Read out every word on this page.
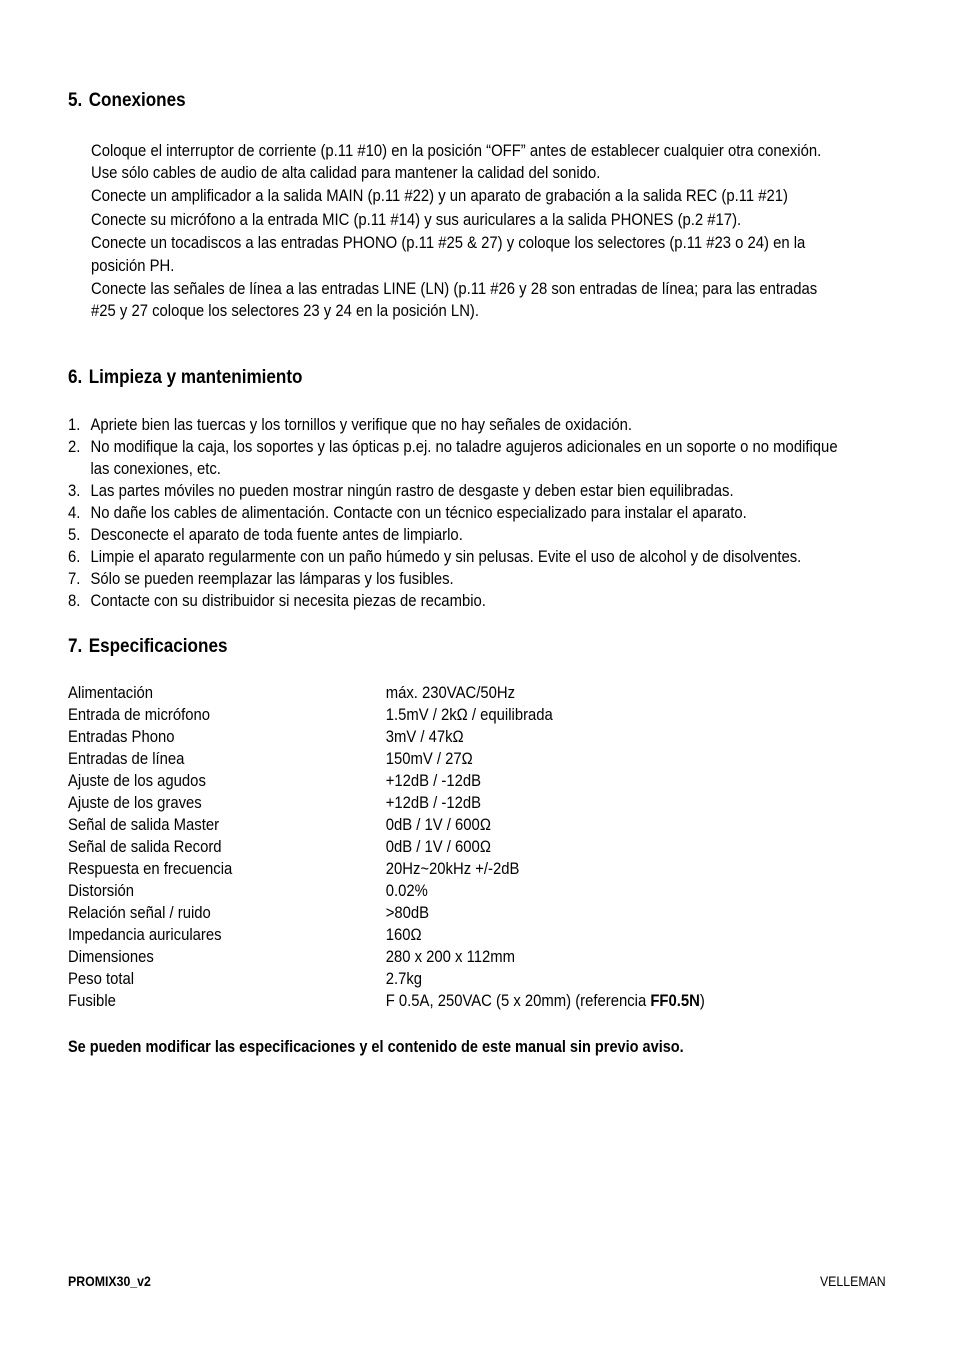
5. Conexiones
Coloque el interruptor de corriente (p.11 #10) en la posición “OFF” antes de establecer cualquier otra conexión.
Use sólo cables de audio de alta calidad para mantener la calidad del sonido.
Conecte un amplificador a la salida MAIN (p.11 #22) y un aparato de grabación a la salida REC (p.11 #21)
Conecte su micrófono a la entrada MIC (p.11 #14) y sus auriculares a la salida PHONES (p.2 #17).
Conecte un tocadiscos a las entradas PHONO (p.11 #25 & 27) y coloque los selectores (p.11 #23 o 24) en la
posición PH.
Conecte las señales de línea a las entradas LINE (LN) (p.11 #26 y 28 son entradas de línea; para las entradas
#25 y 27 coloque los selectores 23 y 24 en la posición LN).
6. Limpieza y mantenimiento
1. Apriete bien las tuercas y los tornillos y verifique que no hay señales de oxidación.
2. No modifique la caja, los soportes y las ópticas p.ej. no taladre agujeros adicionales en un soporte o no modifique
las conexiones, etc.
3. Las partes móviles no pueden mostrar ningún rastro de desgaste y deben estar bien equilibradas.
4. No dañe los cables de alimentación. Contacte con un técnico especializado para instalar el aparato.
5. Desconecte el aparato de toda fuente antes de limpiarlo.
6. Limpie el aparato regularmente con un paño húmedo y sin pelusas. Evite el uso de alcohol y de disolventes.
7. Sólo se pueden reemplazar las lámparas y los fusibles.
8. Contacte con su distribuidor si necesita piezas de recambio.
7. Especificaciones
Alimentación	máx. 230VAC/50Hz
Entrada de micrófono	1.5mV / 2kΩ / equilibrada
Entradas Phono	3mV / 47kΩ
Entradas de línea	150mV / 27Ω
Ajuste de los agudos	+12dB / -12dB
Ajuste de los graves	+12dB / -12dB
Señal de salida Master	0dB / 1V / 600Ω
Señal de salida Record	0dB / 1V / 600Ω
Respuesta en frecuencia	20Hz~20kHz +/-2dB
Distorsión	0.02%
Relación señal / ruido	>80dB
Impedancia auriculares	160Ω
Dimensiones	280 x 200 x 112mm
Peso total	2.7kg
Fusible	F 0.5A, 250VAC (5 x 20mm) (referencia FF0.5N)
Se pueden modificar las especificaciones y el contenido de este manual sin previo aviso.
PROMIX30_v2	VELLEMAN
